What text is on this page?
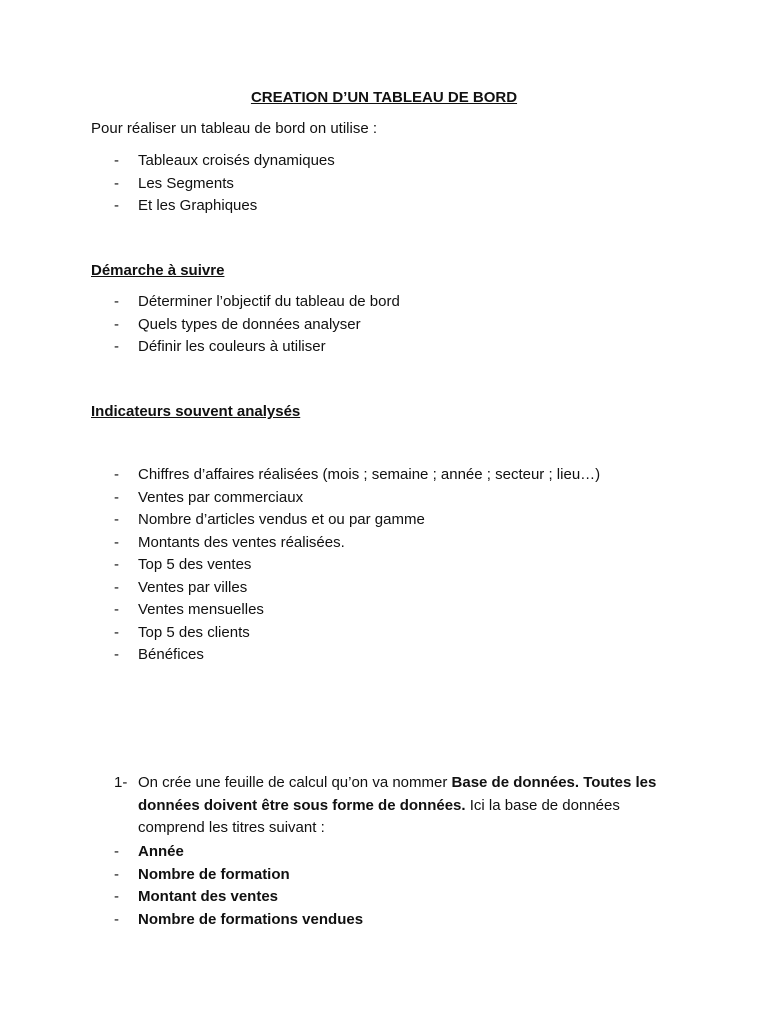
CREATION D’UN TABLEAU DE BORD

Pour réaliser un tableau de bord on utilise :

- Tableaux croisés dynamiques
- Les Segments
- Et les Graphiques

Démarche à suivre

- Déterminer l’objectif du tableau de bord
- Quels types de données analyser
- Définir les couleurs à utiliser

Indicateurs souvent analysés

- Chiffres d’affaires réalisées (mois ; semaine ; année ; secteur ; lieu…)
- Ventes par commerciaux
- Nombre d’articles vendus et ou par gamme
- Montants des ventes réalisées.
- Top 5 des ventes
- Ventes par villes
- Ventes mensuelles
- Top 5 des clients
- Bénéfices
1- On crée une feuille de calcul qu’on va nommer Base de données. Toutes les données doivent être sous forme de données. Ici la base de données comprend les titres suivant :

- Année
- Nombre de formation
- Montant des ventes
- Nombre de formations vendues
